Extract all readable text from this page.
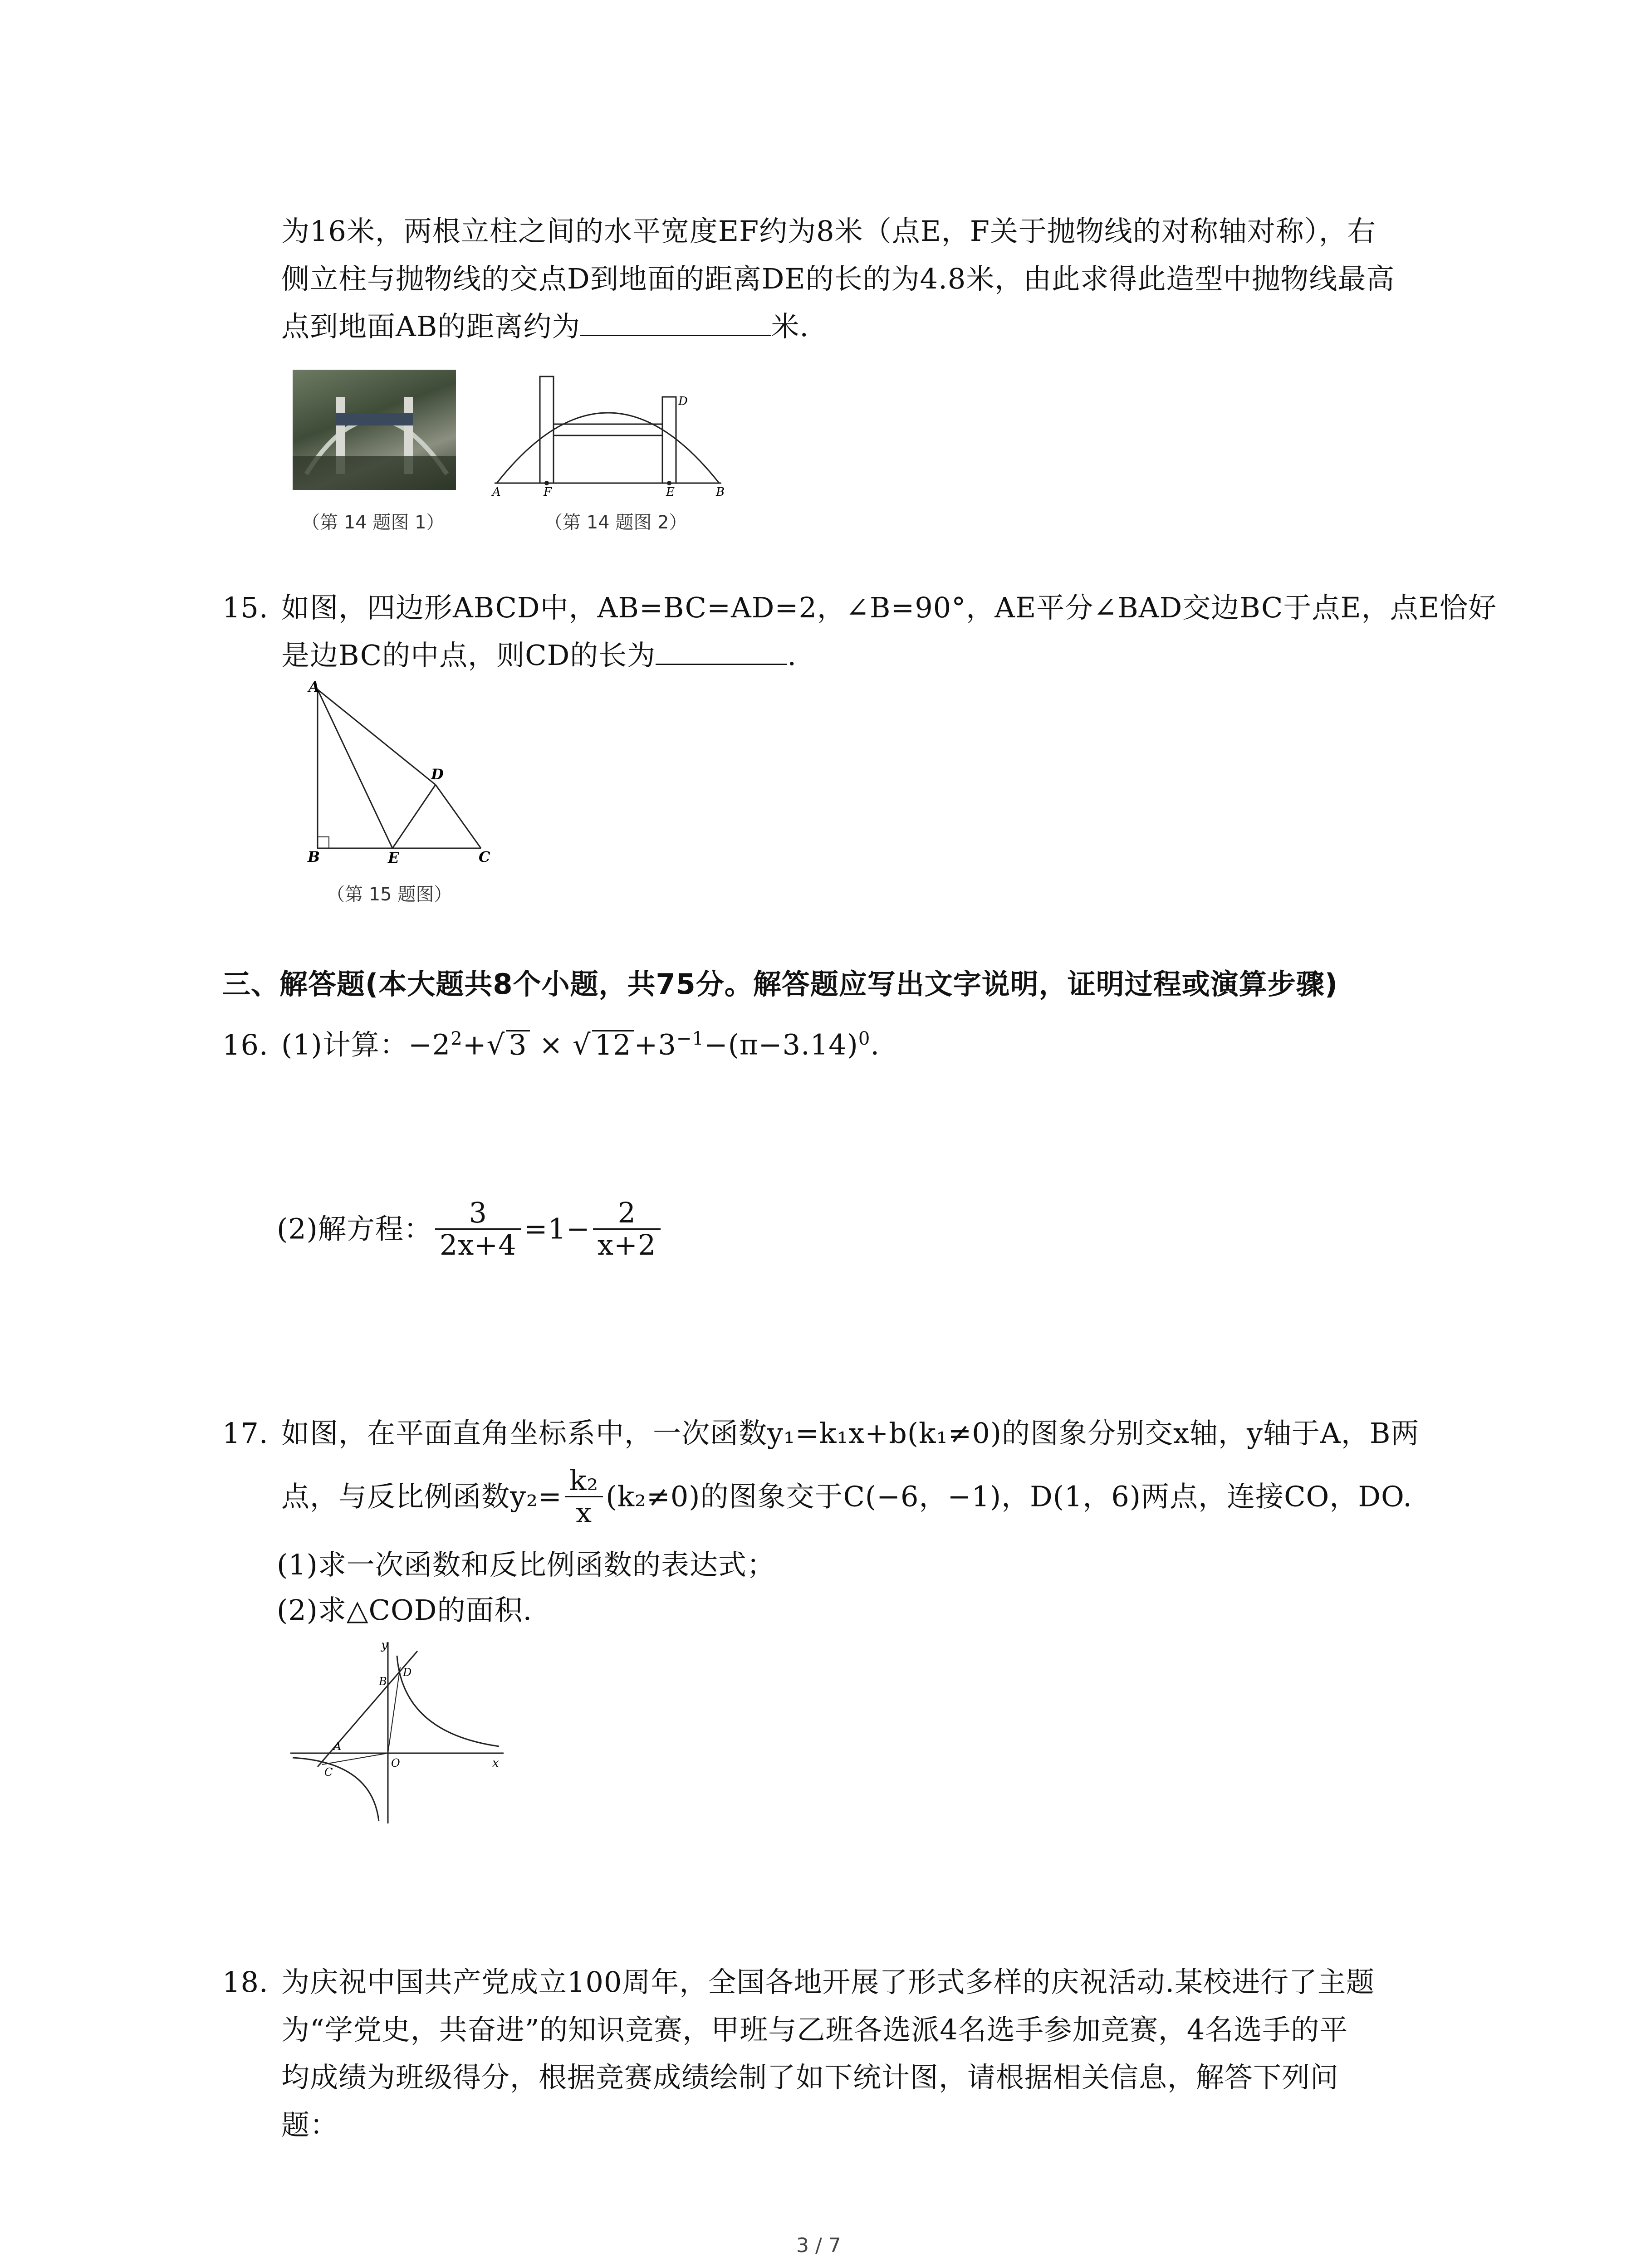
为16米，两根立柱之间的水平宽度EF约为8米（点E，F关于抛物线的对称轴对称），右
侧立柱与抛物线的交点D到地面的距离DE的长的为4.8米，由此求得此造型中抛物线最高
点到地面AB的距离约为	米.
（第 14 题图 1）
A	F	E	B
D
（第 14 题图 2）
15. 如图，四边形ABCD中，AB=BC=AD=2，∠B=90°，AE平分∠BAD交边BC于点E，点E恰好
是边BC的中点，则CD的长为	.
A
B	E	C
D
（第 15 题图）
三、解答题(本大题共8个小题，共75分。解答题应写出文字说明，证明过程或演算步骤)
16. (1)计算：$-2^2+√$ 3 × √ $12+3^{-1}-(\pi-3.14)^0$.
(2)解方程： $\frac{3}{2x+4} =1- \frac{2}{x+2}$
17. 如图，在平面直角坐标系中，一次函数y₁=k₁x+b(k₁≠0)的图象分别交x轴，y轴于A，B两
点，与反比例函数$y_2= \frac{\text{k₂}}{x} (k_2\ne 0)$的图象交于C(−6，−1)，D(1，6)两点，连接CO，DO.
(1)求一次函数和反比例函数的表达式；
(2)求△COD的面积.
y
x
O
A
B
C
D
18. 为庆祝中国共产党成立100周年，全国各地开展了形式多样的庆祝活动.某校进行了主题
为“学党史，共奋进”的知识竞赛，甲班与乙班各选派4名选手参加竞赛，4名选手的平
均成绩为班级得分，根据竞赛成绩绘制了如下统计图，请根据相关信息，解答下列问
题：
3 / 7
